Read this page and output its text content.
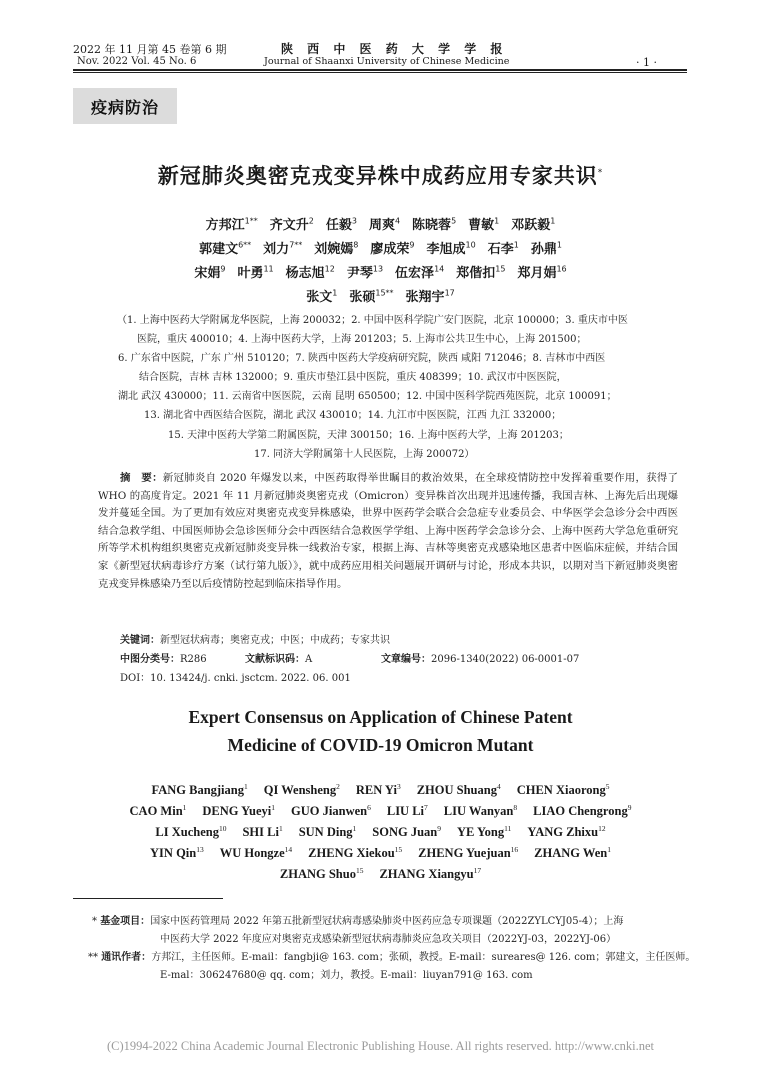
2022 年 11 月第 45 卷第 6 期
Nov. 2022 Vol. 45 No. 6
陕 西 中 医 药 大 学 学 报
Journal of Shaanxi University of Chinese Medicine	· 1 ·
疫病防治
新冠肺炎奥密克戎变异株中成药应用专家共识*
方邦江$^{1**}$ 齐文升$^2$ 任毅$^3$ 周爽$^4$ 陈晓蓉$^5$ 曹敏$^1$ 邓跃毅$^1$
郭建文$^{6**}$ 刘力$^{7**}$ 刘婉嫣$^8$ 廖成荣$^9$ 李旭成$^{10}$ 石李$^1$ 孙鼎$^1$
宋娟$^9$ 叶勇$^{11}$ 杨志旭$^{12}$ 尹琴$^{13}$ 伍宏泽$^{14}$ 郑偕扣$^{15}$ 郑月娟$^{16}$
张文$^1$ 张硕$^{15**}$ 张翔宇$^{17}$
（1. 上海中医药大学附属龙华医院，上海 200032；2. 中国中医科学院广安门医院，北京 100000；3. 重庆市中医
医院，重庆 400010；4. 上海中医药大学，上海 201203；5. 上海市公共卫生中心，上海 201500；
6. 广东省中医院，广东 广州 510120；7. 陕西中医药大学疫病研究院，陕西 咸阳 712046；8. 吉林市中西医
结合医院，吉林 吉林 132000；9. 重庆市垫江县中医院，重庆 408399；10. 武汉市中医医院，
湖北 武汉 430000；11. 云南省中医医院，云南 昆明 650500；12. 中国中医科学院西苑医院，北京 100091；
13. 湖北省中西医结合医院，湖北 武汉 430010；14. 九江市中医医院，江西 九江 332000；
15. 天津中医药大学第二附属医院，天津 300150；16. 上海中医药大学，上海 201203；
17. 同济大学附属第十人民医院，上海 200072）
摘　要：新冠肺炎自 2020 年爆发以来，中医药取得举世瞩目的救治效果，在全球疫情防控中发挥着重要作用，获得了 WHO 的高度肯定。2021 年 11 月新冠肺炎奥密克戎（Omicron）变异株首次出现并迅速传播，我国吉林、上海先后出现爆发并蔓延全国。为了更加有效应对奥密克戎变异株感染，世界中医药学会联合会急症专业委员会、中华医学会急诊分会中西医结合急救学组、中国医师协会急诊医师分会中西医结合急救医学学组、上海中医药学会急诊分会、上海中医药大学急危重研究所等学术机构组织奥密克戎新冠肺炎变异株一线救治专家，根据上海、吉林等奥密克戎感染地区患者中医临床症候，并结合国家《新型冠状病毒诊疗方案（试行第九版）》，就中成药应用相关问题展开调研与讨论，形成本共识，以期对当下新冠肺炎奥密克戎变异株感染乃至以后疫情防控起到临床指导作用。
关键词：新型冠状病毒；奥密克戎；中医；中成药；专家共识
中图分类号：R286	文献标识码：A	文章编号：2096-1340(2022) 06-0001-07
DOI：10. 13424/j. cnki. jsctcm. 2022. 06. 001
Expert Consensus on Application of Chinese Patent
Medicine of COVID-19 Omicron Mutant
FANG Bangjiang$^1$ QI Wensheng$^2$ REN Yi$^3$ ZHOU Shuang$^4$ CHEN Xiaorong$^5$
CAO Min$^1$ DENG Yueyi$^1$ GUO Jianwen$^6$ LIU Li$^7$ LIU Wanyan$^8$ LIAO Chengrong$^9$
LI Xucheng$^{10}$ SHI Li$^1$ SUN Ding$^1$ SONG Juan$^9$ YE Yong$^{11}$ YANG Zhixu$^{12}$
YIN Qin$^{13}$ WU Hongze$^{14}$ ZHENG Xiekou$^{15}$ ZHENG Yuejuan$^{16}$ ZHANG Wen$^1$
ZHANG Shuo$^{15}$ ZHANG Xiangyu$^{17}$
* 基金项目：国家中医药管理局 2022 年第五批新型冠状病毒感染肺炎中医药应急专项课题（2022ZYLCYJ05-4）；上海
中医药大学 2022 年度应对奥密克戎感染新型冠状病毒肺炎应急攻关项目（2022YJ-03，2022YJ-06）
** 通讯作者：方邦江，主任医师。E-mail：fangbji@ 163. com；张硕，教授。E-mail：sureares@ 126. com；郭建文，主任医师。
E-mal：306247680@ qq. com；刘力，教授。E-mail：liuyan791@ 163. com
(C)1994-2022 China Academic Journal Electronic Publishing House. All rights reserved. http://www.cnki.net
